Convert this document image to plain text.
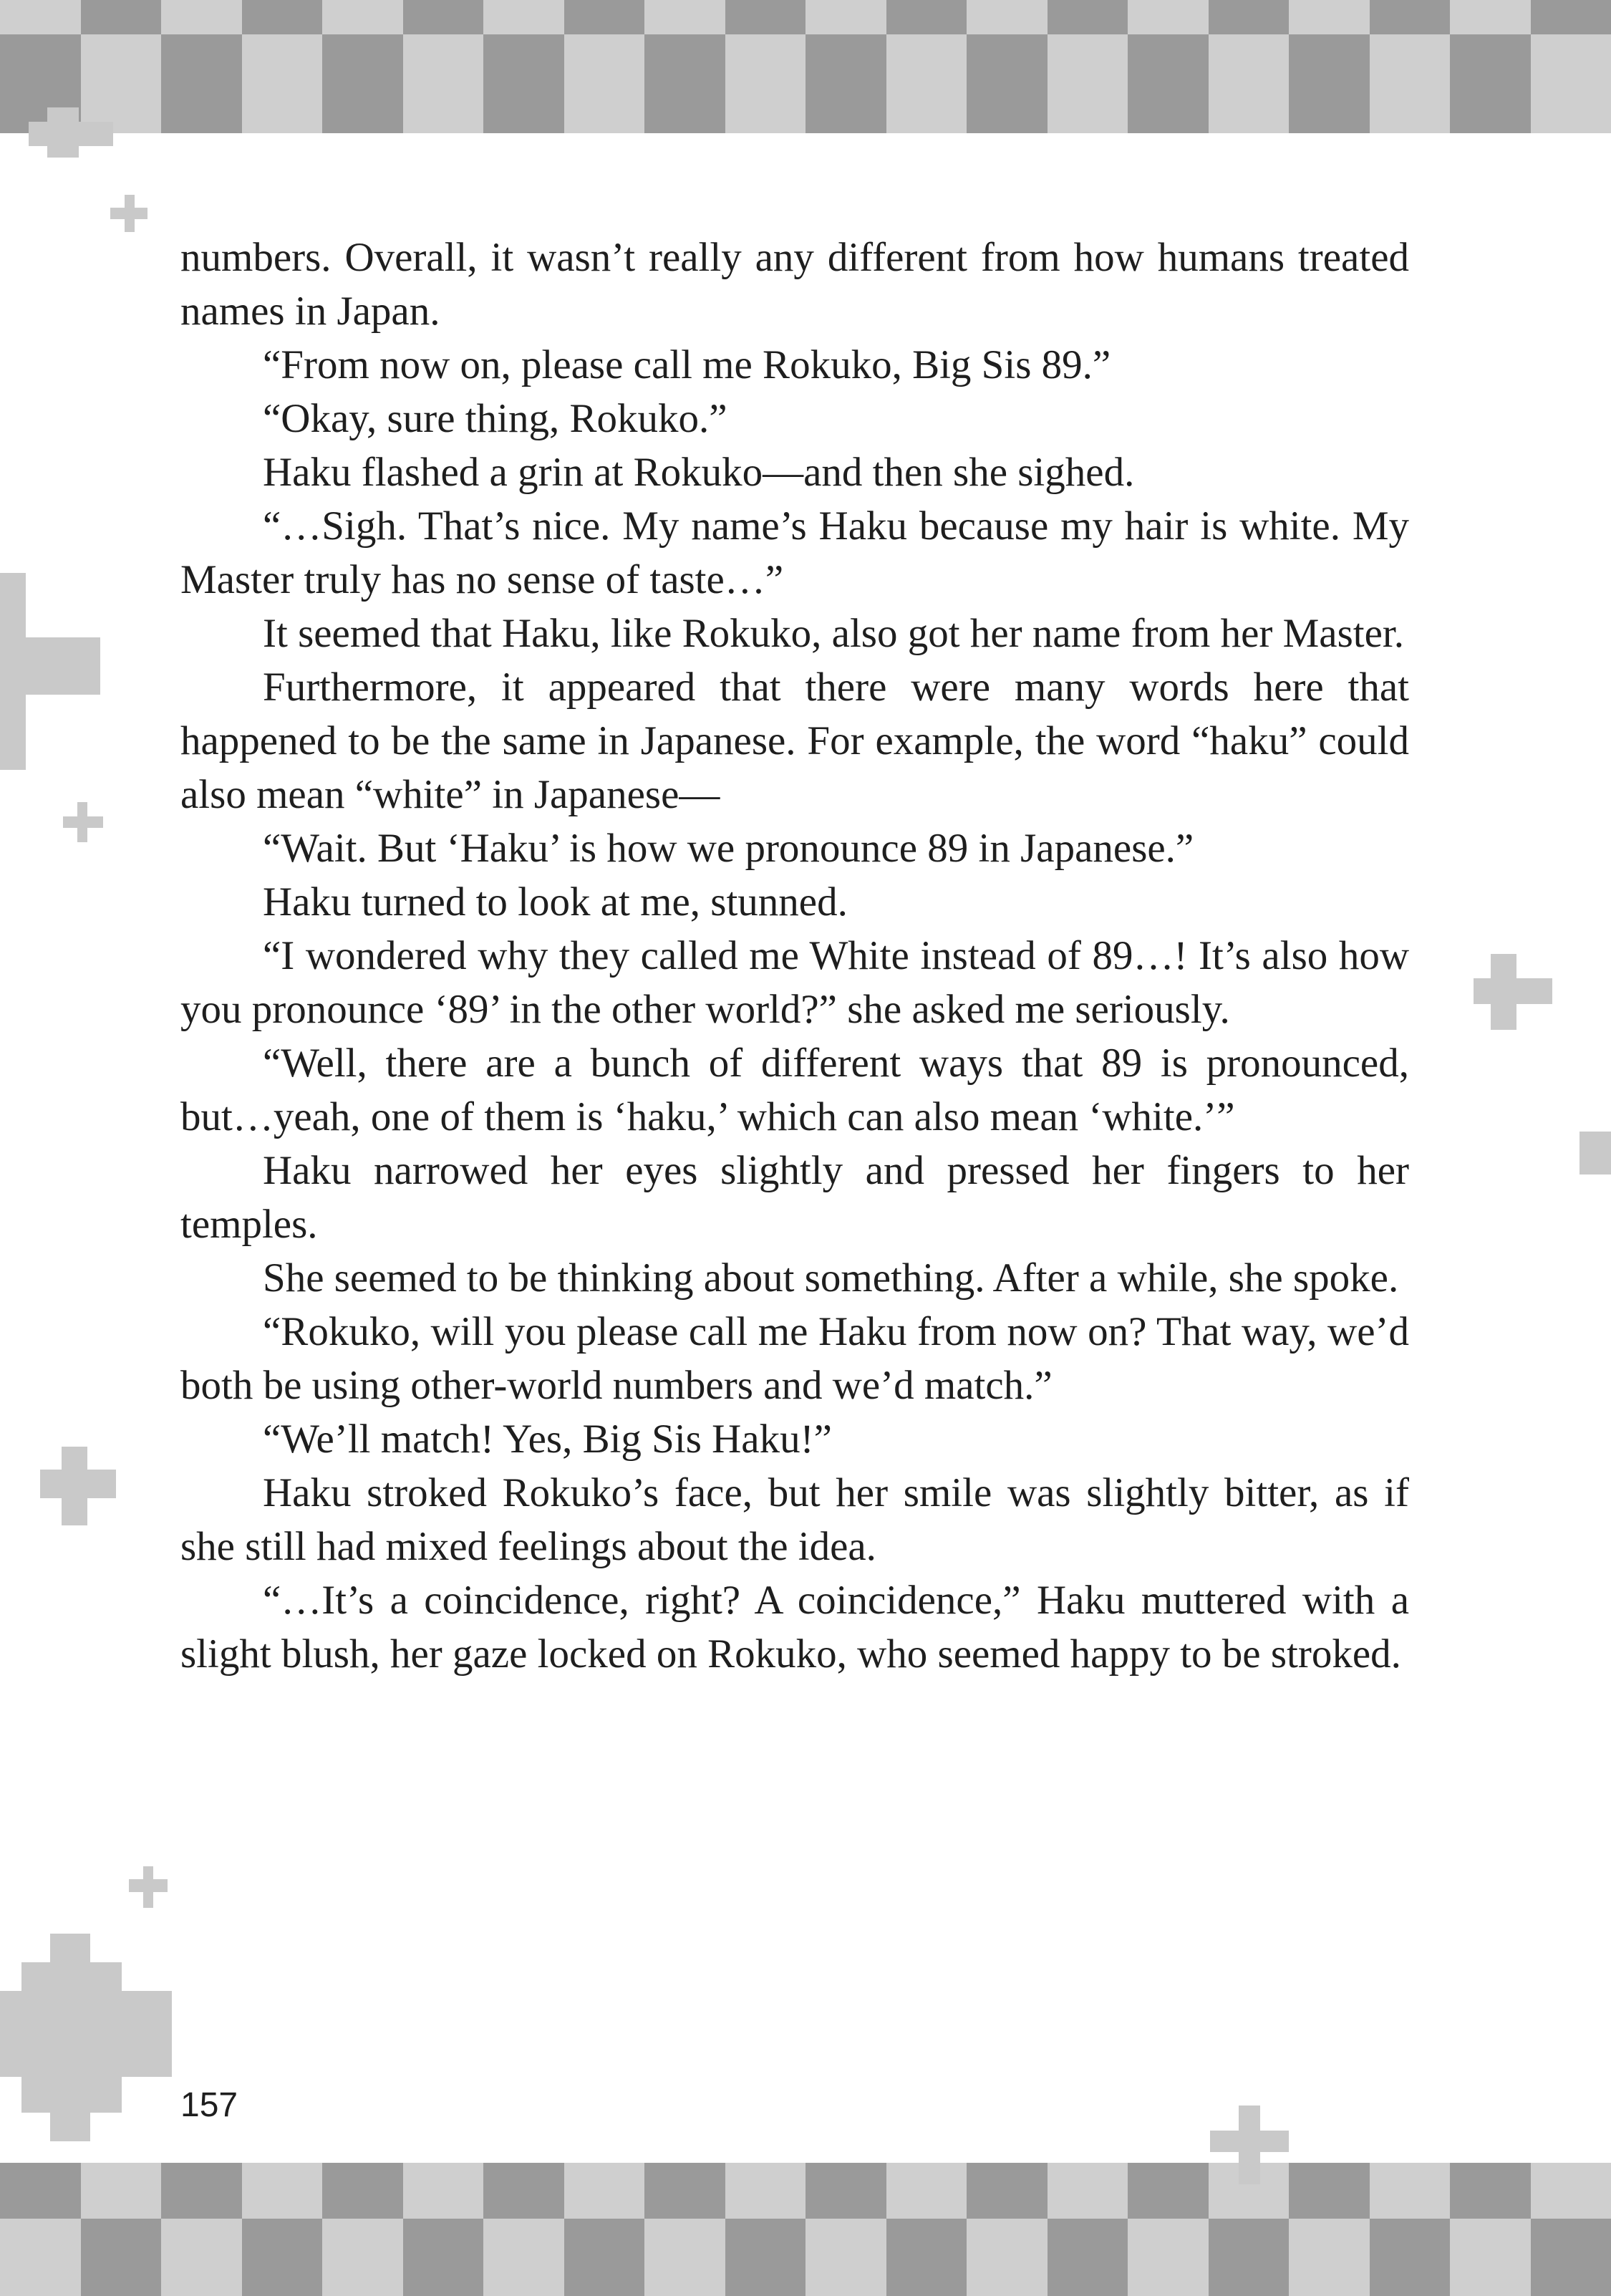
numbers. Overall, it wasn’t really any different from how humans treated names in Japan.

“From now on, please call me Rokuko, Big Sis 89.”

“Okay, sure thing, Rokuko.”

Haku flashed a grin at Rokuko—and then she sighed.

“…Sigh. That’s nice. My name’s Haku because my hair is white. My Master truly has no sense of taste…”

It seemed that Haku, like Rokuko, also got her name from her Master.

Furthermore, it appeared that there were many words here that happened to be the same in Japanese. For example, the word “haku” could also mean “white” in Japanese—

“Wait. But ‘Haku’ is how we pronounce 89 in Japanese.”

Haku turned to look at me, stunned.

“I wondered why they called me White instead of 89…! It’s also how you pronounce ‘89’ in the other world?” she asked me seriously.

“Well, there are a bunch of different ways that 89 is pronounced, but…yeah, one of them is ‘haku,’ which can also mean ‘white.’”

Haku narrowed her eyes slightly and pressed her fingers to her temples.

She seemed to be thinking about something. After a while, she spoke.

“Rokuko, will you please call me Haku from now on? That way, we’d both be using other-world numbers and we’d match.”

“We’ll match! Yes, Big Sis Haku!”

Haku stroked Rokuko’s face, but her smile was slightly bitter, as if she still had mixed feelings about the idea.

“…It’s a coincidence, right? A coincidence,” Haku muttered with a slight blush, her gaze locked on Rokuko, who seemed happy to be stroked.

157
